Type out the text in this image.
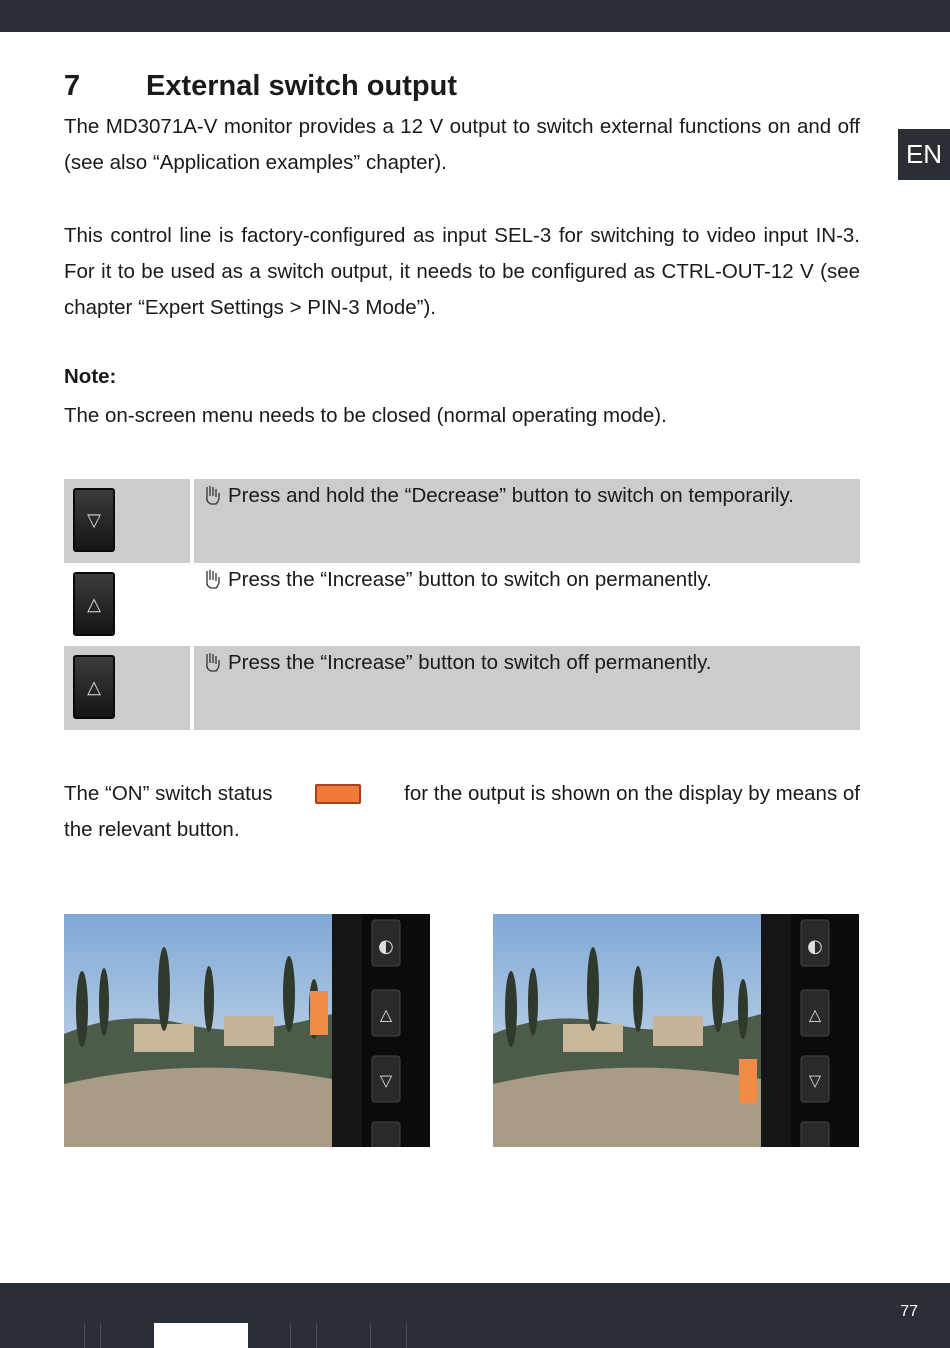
EN
7 External switch output

The MD3071A-V monitor provides a 12 V output to switch external functions on and off (see also “Application examples” chapter).

This control line is factory-configured as input SEL-3 for switching to video input IN-3. For it to be used as a switch output, it needs to be configured as CTRL-OUT-12 V (see chapter “Expert Settings > PIN-3 Mode”).

Note:

The on-screen menu needs to be closed (normal operating mode).

▽
Press and hold the “Decrease” button to switch on temporarily.
△
Press the “Increase” button to switch on permanently.
△
Press the “Increase” button to switch off permanently.
The “ON” switch status	for the output is shown on the display by means of
the relevant button.
◐
△
▽
◐
△
▽
77
